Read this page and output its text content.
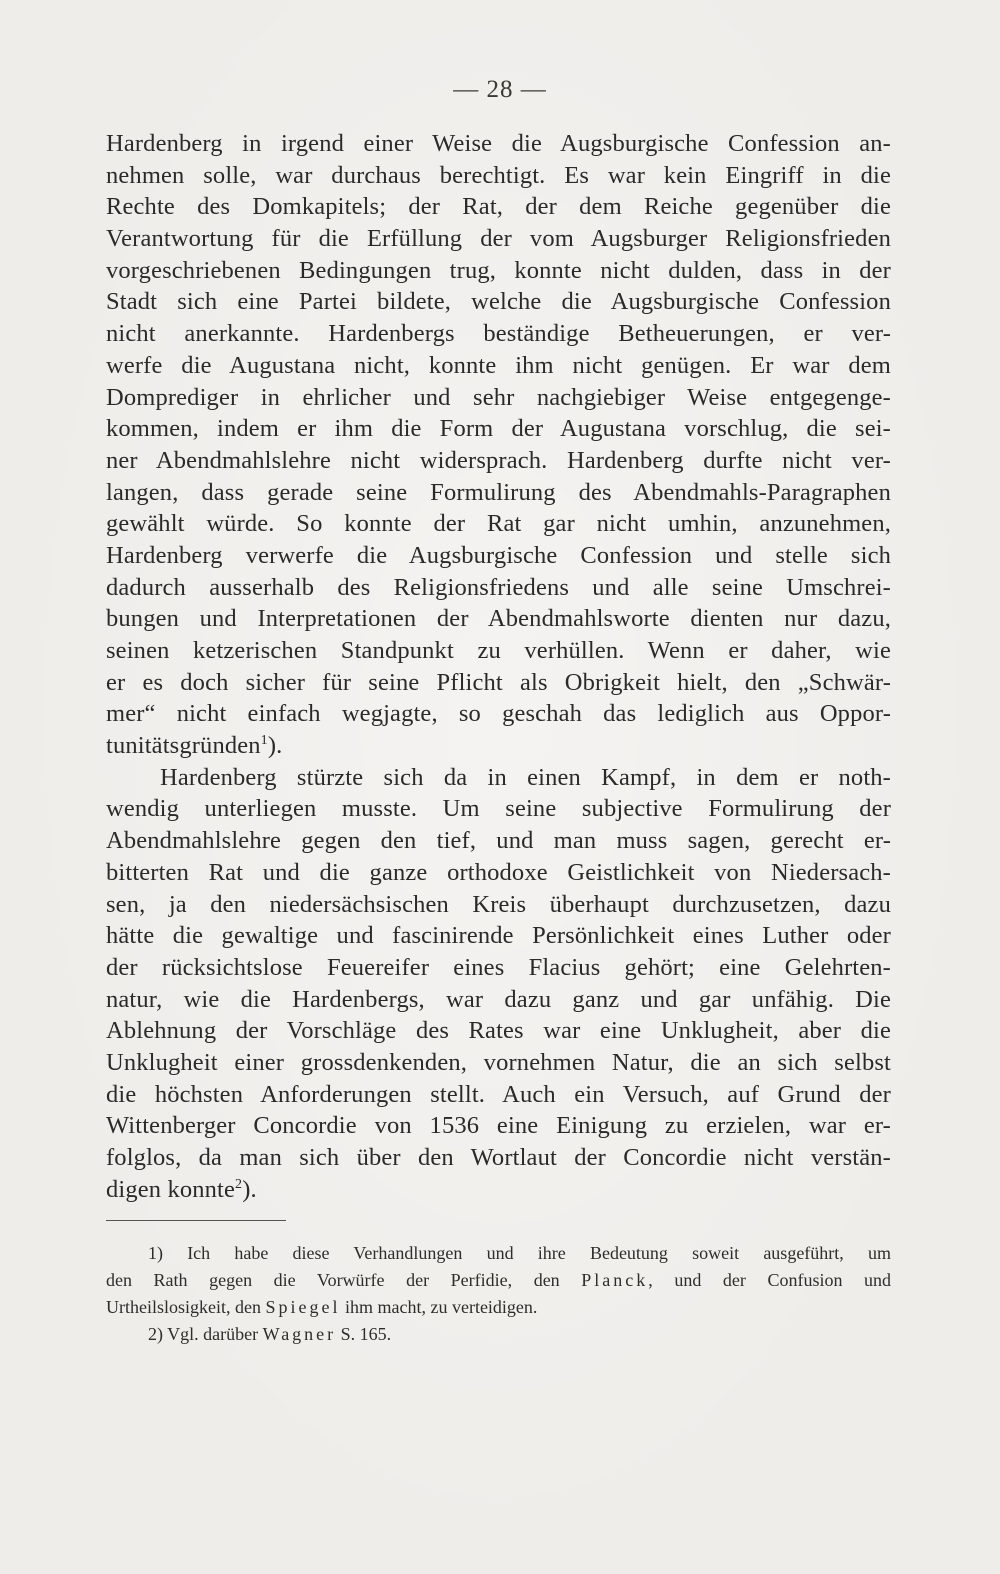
— 28 —
Hardenberg in irgend einer Weise die Augsburgische Confession an-
nehmen solle, war durchaus berechtigt. Es war kein Eingriff in die
Rechte des Domkapitels; der Rat, der dem Reiche gegenüber die
Verantwortung für die Erfüllung der vom Augsburger Religionsfrieden
vorgeschriebenen Bedingungen trug, konnte nicht dulden, dass in der
Stadt sich eine Partei bildete, welche die Augsburgische Confession
nicht anerkannte. Hardenbergs beständige Betheuerungen, er ver-
werfe die Augustana nicht, konnte ihm nicht genügen. Er war dem
Domprediger in ehrlicher und sehr nachgiebiger Weise entgegenge-
kommen, indem er ihm die Form der Augustana vorschlug, die sei-
ner Abendmahlslehre nicht widersprach. Hardenberg durfte nicht ver-
langen, dass gerade seine Formulirung des Abendmahls-Paragraphen
gewählt würde. So konnte der Rat gar nicht umhin, anzunehmen,
Hardenberg verwerfe die Augsburgische Confession und stelle sich
dadurch ausserhalb des Religionsfriedens und alle seine Umschrei-
bungen und Interpretationen der Abendmahlsworte dienten nur dazu,
seinen ketzerischen Standpunkt zu verhüllen. Wenn er daher, wie
er es doch sicher für seine Pflicht als Obrigkeit hielt, den „Schwär-
mer“ nicht einfach wegjagte, so geschah das lediglich aus Oppor-
tunitätsgründen$^1$).
Hardenberg stürzte sich da in einen Kampf, in dem er noth-
wendig unterliegen musste. Um seine subjective Formulirung der
Abendmahlslehre gegen den tief, und man muss sagen, gerecht er-
bitterten Rat und die ganze orthodoxe Geistlichkeit von Niedersach-
sen, ja den niedersächsischen Kreis überhaupt durchzusetzen, dazu
hätte die gewaltige und fascinirende Persönlichkeit eines Luther oder
der rücksichtslose Feuereifer eines Flacius gehört; eine Gelehrten-
natur, wie die Hardenbergs, war dazu ganz und gar unfähig. Die
Ablehnung der Vorschläge des Rates war eine Unklugheit, aber die
Unklugheit einer grossdenkenden, vornehmen Natur, die an sich selbst
die höchsten Anforderungen stellt. Auch ein Versuch, auf Grund der
Wittenberger Concordie von 1536 eine Einigung zu erzielen, war er-
folglos, da man sich über den Wortlaut der Concordie nicht verstän-
digen konnte$^2$).
1) Ich habe diese Verhandlungen und ihre Bedeutung soweit ausgeführt, um
den Rath gegen die Vorwürfe der Perfidie, den Planck, und der Confusion und
Urtheilslosigkeit, den Spiegel ihm macht, zu verteidigen.
2) Vgl. darüber Wagner S. 165.
